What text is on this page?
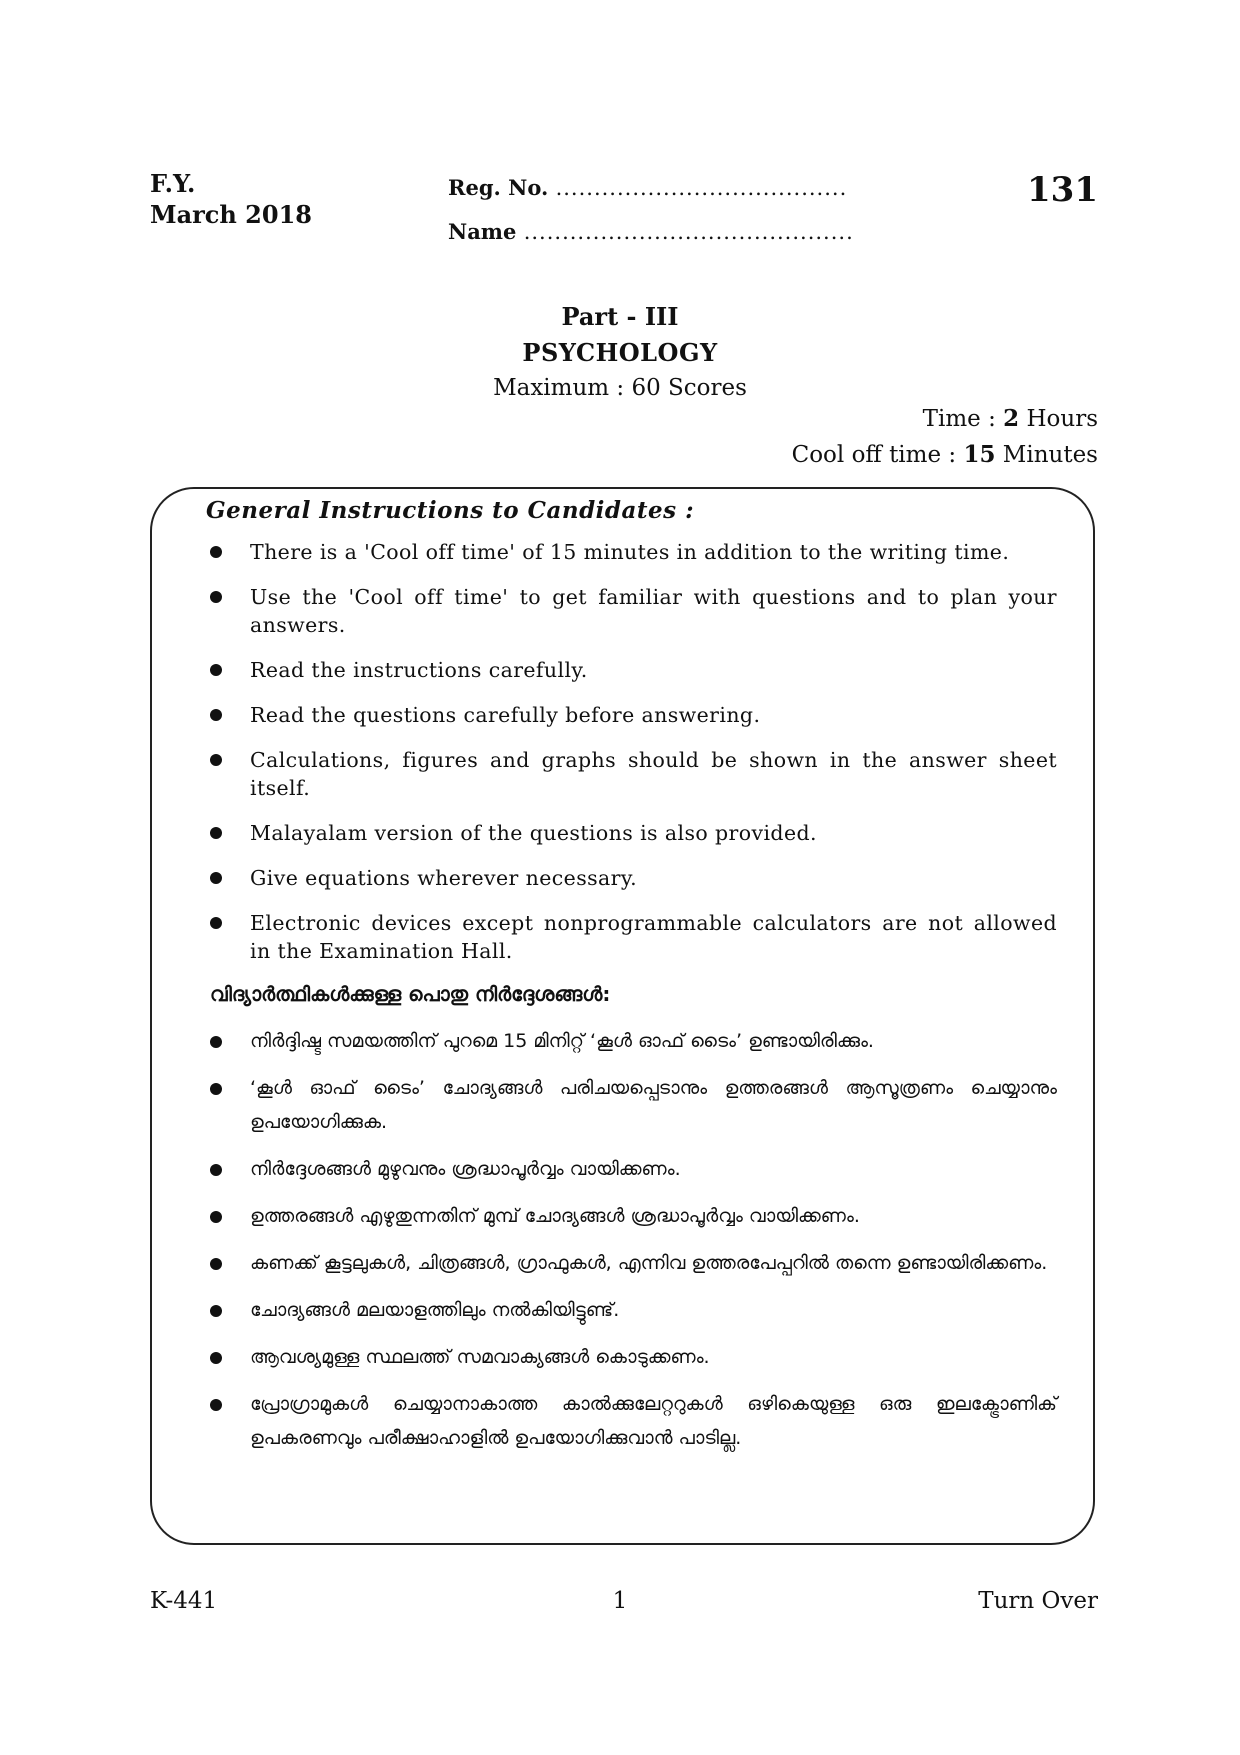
F.Y.
March 2018
Reg. No. ......................................
Name ...........................................
131
Part - III
PSYCHOLOGY
Maximum : 60 Scores
Time : 2 Hours
Cool off time : 15 Minutes
General Instructions to Candidates :
There is a 'Cool off time' of 15 minutes in addition to the writing time.
Use the 'Cool off time' to get familiar with questions and to plan your answers.
Read the instructions carefully.
Read the questions carefully before answering.
Calculations, figures and graphs should be shown in the answer sheet itself.
Malayalam version of the questions is also provided.
Give equations wherever necessary.
Electronic devices except nonprogrammable calculators are not allowed in the Examination Hall.
വിദ്യാർത്ഥികൾക്കുള്ള പൊതു നിർദ്ദേശങ്ങൾ:
നിർദ്ദിഷ്ട സമയത്തിന് പുറമെ 15 മിനിറ്റ് ‘കൂൾ ഓഫ് ടൈം’ ഉണ്ടായിരിക്കും.
‘കൂൾ ഓഫ് ടൈം’ ചോദ്യങ്ങൾ പരിചയപ്പെടാനും ഉത്തരങ്ങൾ ആസൂത്രണം ചെയ്യാനും ഉപയോഗിക്കുക.
നിർദ്ദേശങ്ങൾ മുഴുവനും ശ്രദ്ധാപൂർവ്വം വായിക്കണം.
ഉത്തരങ്ങൾ എഴുതുന്നതിന് മുമ്പ് ചോദ്യങ്ങൾ ശ്രദ്ധാപൂർവ്വം വായിക്കണം.
കണക്ക് കൂട്ടലുകൾ, ചിത്രങ്ങൾ, ഗ്രാഫുകൾ, എന്നിവ ഉത്തരപേപ്പറിൽ തന്നെ ഉണ്ടായിരിക്കണം.
ചോദ്യങ്ങൾ മലയാളത്തിലും നൽകിയിട്ടുണ്ട്.
ആവശ്യമുള്ള സ്ഥലത്ത് സമവാക്യങ്ങൾ കൊടുക്കണം.
പ്രോഗ്രാമുകൾ ചെയ്യാനാകാത്ത കാൽക്കുലേറ്ററുകൾ ഒഴികെയുള്ള ഒരു ഇലക്ട്രോണിക് ഉപകരണവും പരീക്ഷാഹാളിൽ ഉപയോഗിക്കുവാൻ പാടില്ല.
K-441	1	Turn Over
